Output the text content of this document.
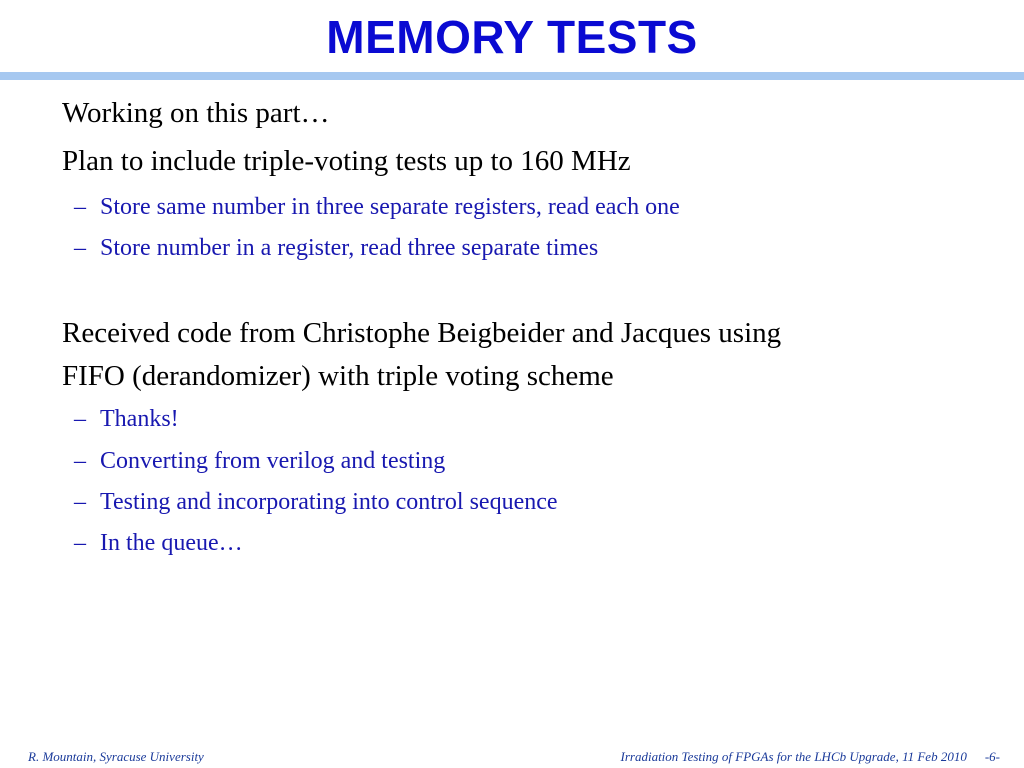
MEMORY TESTS

Working on this part…

Plan to include triple-voting tests up to 160 MHz

– Store same number in three separate registers, read each one

– Store number in a register, read three separate times

Received code from Christophe Beigbeider and Jacques using

FIFO (derandomizer) with triple voting scheme

– Thanks!

– Converting from verilog and testing

– Testing and incorporating into control sequence

– In the queue…

R. Mountain, Syracuse University	Irradiation Testing of FPGAs for the LHCb Upgrade, 11 Feb 2010 -6-
